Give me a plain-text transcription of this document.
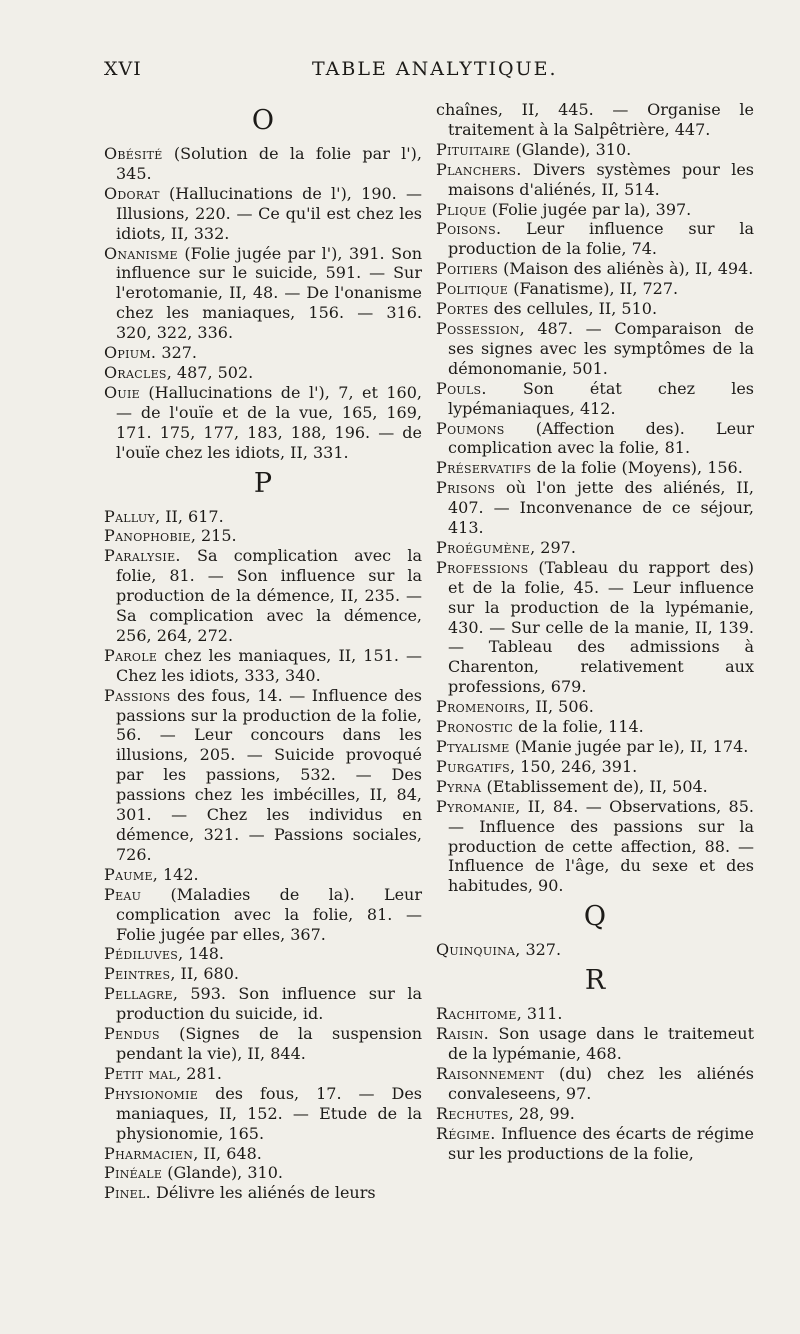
XVI	TABLE ANALYTIQUE.
O
Obésité (Solution de la folie par l'), 345.
Odorat (Hallucinations de l'), 190. — Illusions, 220. — Ce qu'il est chez les idiots, II, 332.
Onanisme (Folie jugée par l'), 391. Son influence sur le suicide, 591. — Sur l'erotomanie, II, 48. — De l'onanisme chez les maniaques, 156. — 316. 320, 322, 336.
Opium. 327.
Oracles, 487, 502.
Ouie (Hallucinations de l'), 7, et 160, — de l'ouïe et de la vue, 165, 169, 171. 175, 177, 183, 188, 196. — de l'ouïe chez les idiots, II, 331.
P
Palluy, II, 617.
Panophobie, 215.
Paralysie. Sa complication avec la folie, 81. — Son influence sur la production de la démence, II, 235. — Sa complication avec la démence, 256, 264, 272.
Parole chez les maniaques, II, 151. — Chez les idiots, 333, 340.
Passions des fous, 14. — Influence des passions sur la production de la folie, 56. — Leur concours dans les illusions, 205. — Suicide provoqué par les passions, 532. — Des passions chez les imbécilles, II, 84, 301. — Chez les individus en démence, 321. — Passions sociales, 726.
Paume, 142.
Peau (Maladies de la). Leur complication avec la folie, 81. — Folie jugée par elles, 367.
Pédiluves, 148.
Peintres, II, 680.
Pellagre, 593. Son influence sur la production du suicide, id.
Pendus (Signes de la suspension pendant la vie), II, 844.
Petit mal, 281.
Physionomie des fous, 17. — Des maniaques, II, 152. — Etude de la physionomie, 165.
Pharmacien, II, 648.
Pinéale (Glande), 310.
Pinel. Délivre les aliénés de leurs
chaînes, II, 445. — Organise le traitement à la Salpêtrière, 447.
Pituitaire (Glande), 310.
Planchers. Divers systèmes pour les maisons d'aliénés, II, 514.
Plique (Folie jugée par la), 397.
Poisons. Leur influence sur la production de la folie, 74.
Poitiers (Maison des aliénès à), II, 494.
Politique (Fanatisme), II, 727.
Portes des cellules, II, 510.
Possession, 487. — Comparaison de ses signes avec les symptômes de la démonomanie, 501.
Pouls. Son état chez les lypémaniaques, 412.
Poumons (Affection des). Leur complication avec la folie, 81.
Préservatifs de la folie (Moyens), 156.
Prisons où l'on jette des aliénés, II, 407. — Inconvenance de ce séjour, 413.
Proégumène, 297.
Professions (Tableau du rapport des) et de la folie, 45. — Leur influence sur la production de la lypémanie, 430. — Sur celle de la manie, II, 139. — Tableau des admissions à Charenton, relativement aux professions, 679.
Promenoirs, II, 506.
Pronostic de la folie, 114.
Ptyalisme (Manie jugée par le), II, 174.
Purgatifs, 150, 246, 391.
Pyrna (Etablissement de), II, 504.
Pyromanie, II, 84. — Observations, 85. — Influence des passions sur la production de cette affection, 88. — Influence de l'âge, du sexe et des habitudes, 90.
Q
Quinquina, 327.
R
Rachitome, 311.
Raisin. Son usage dans le traitemeut de la lypémanie, 468.
Raisonnement (du) chez les aliénés convaleseens, 97.
Rechutes, 28, 99.
Régime. Influence des écarts de régime sur les productions de la folie,
